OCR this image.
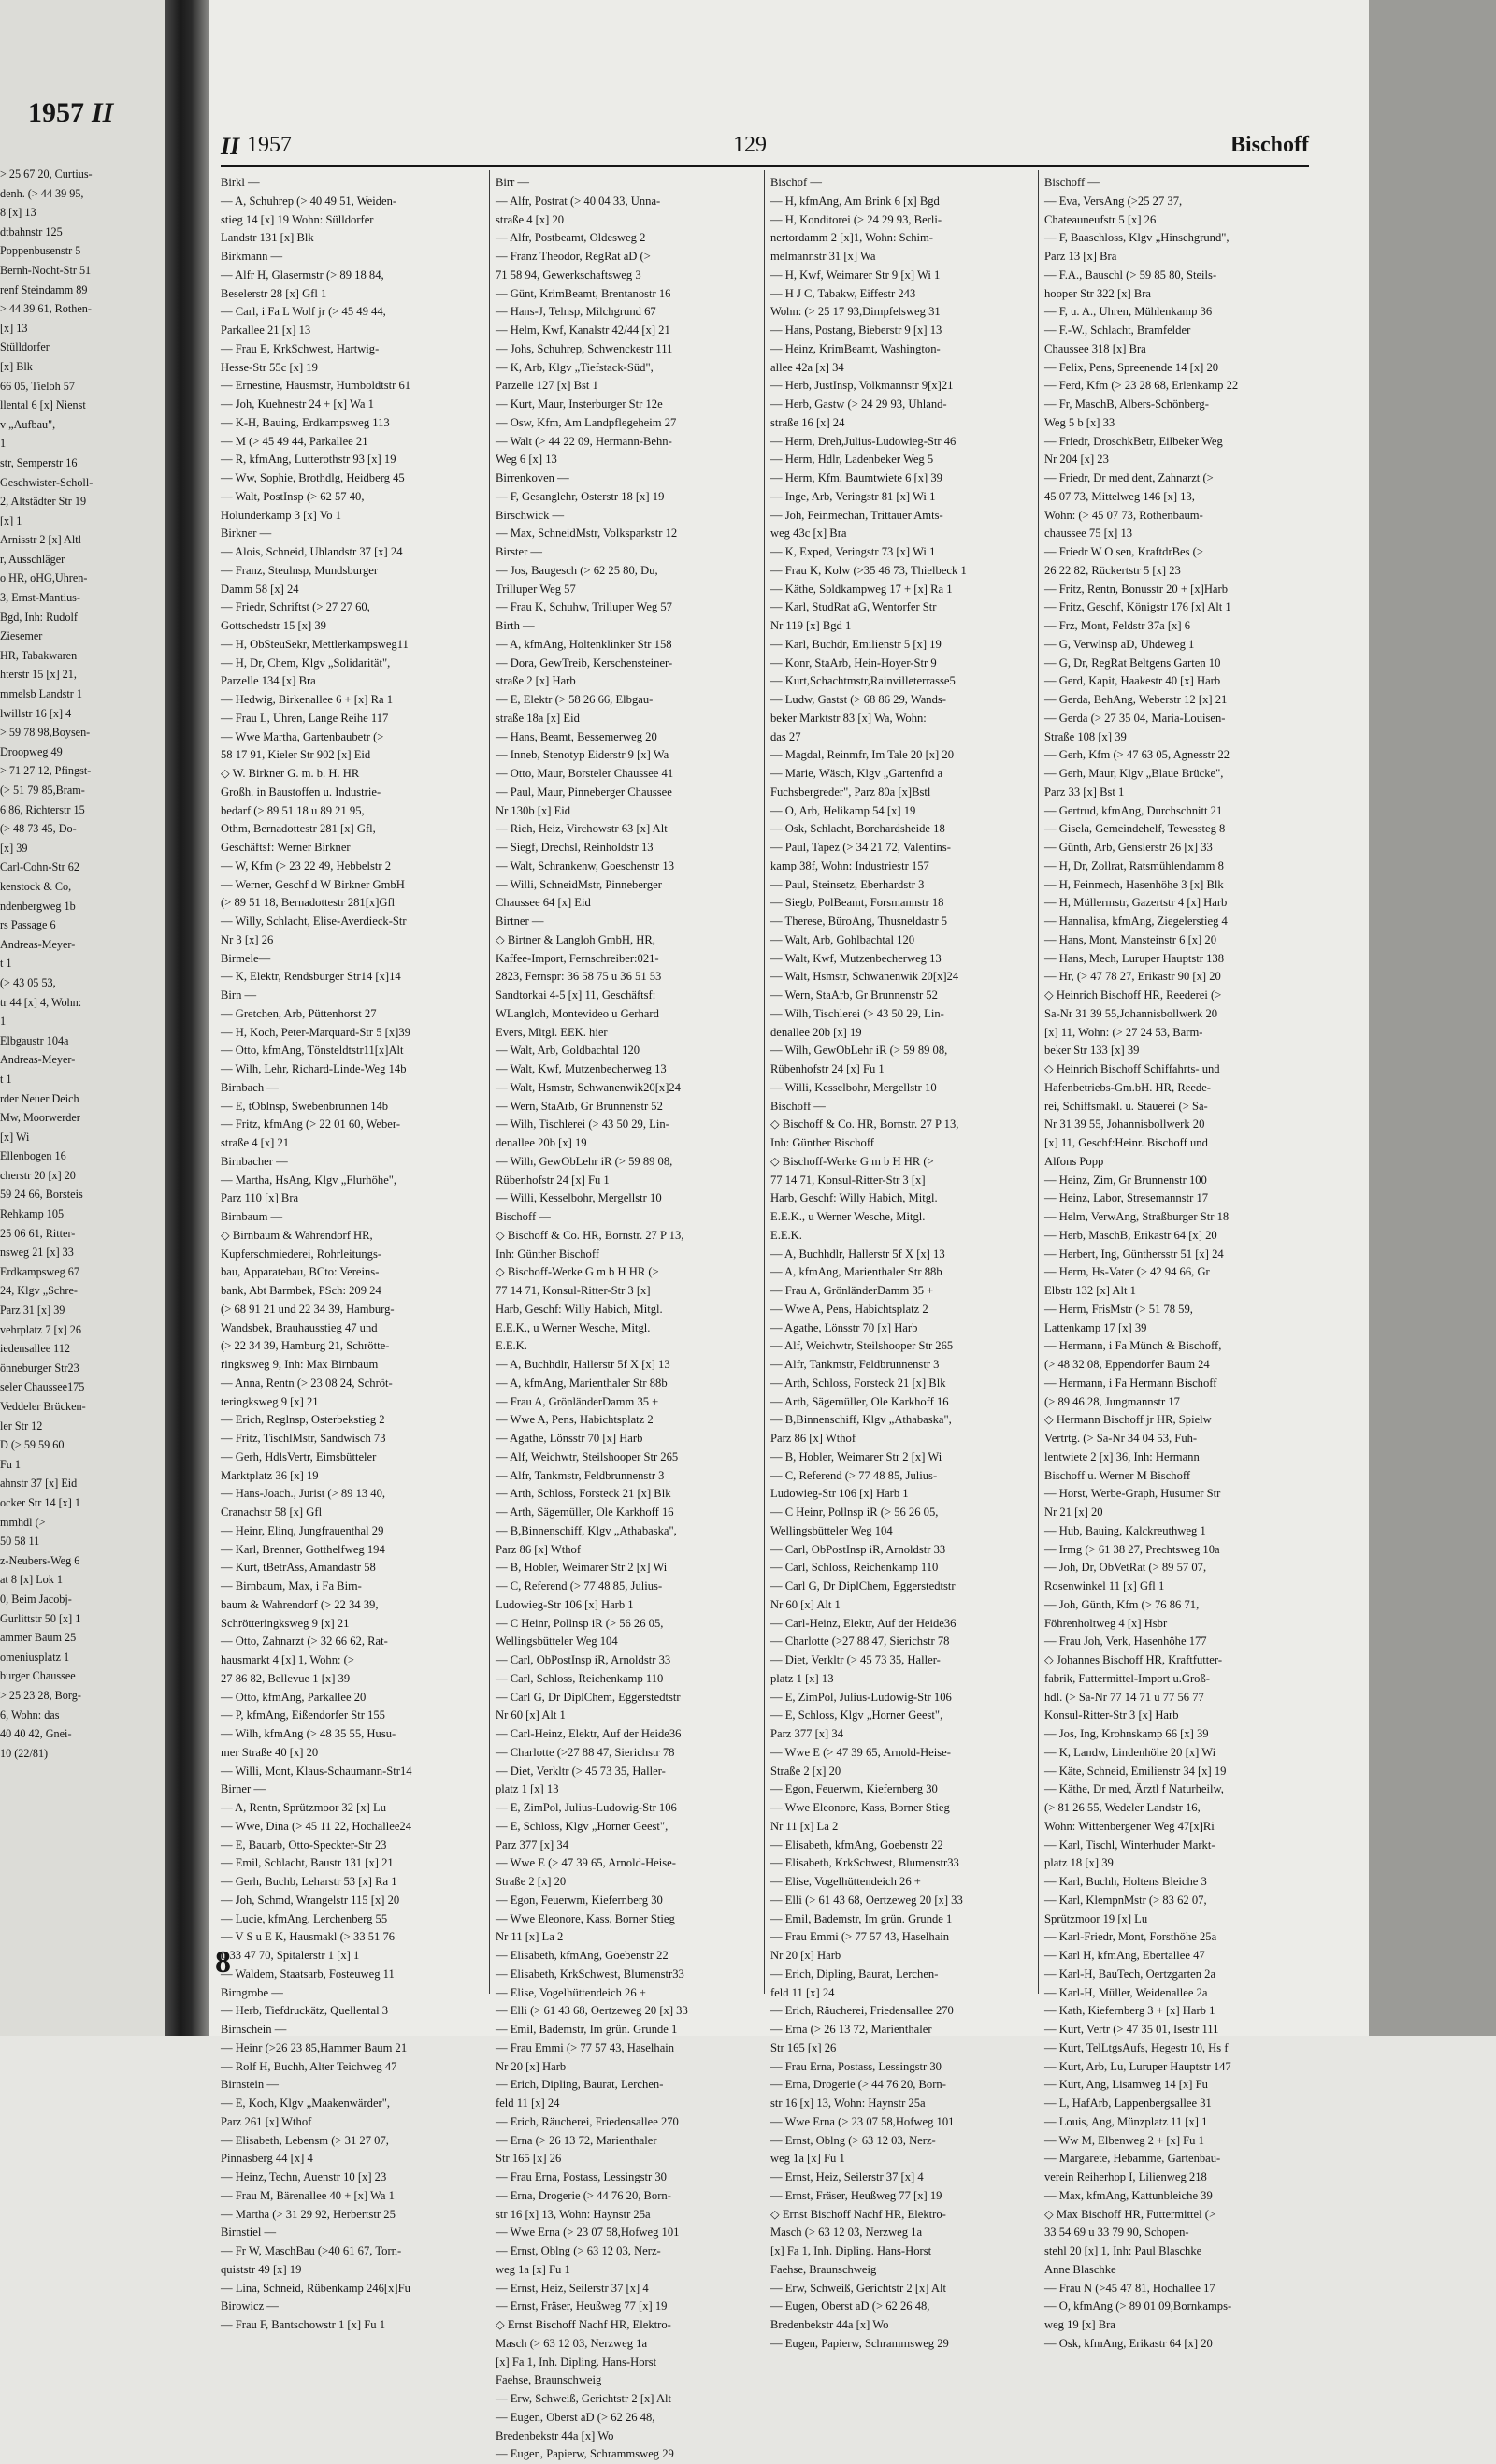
1957 II
> 25 67 20, Curtius-
denh. (> 44 39 95,
8 [x] 13
dtbahnstr 125
Poppenbusenstr 5
Bernh-Nocht-Str 51
renf Steindamm 89
> 44 39 61, Rothen-
[x] 13
Stülldorfer
[x] Blk
66 05, Tieloh 57
llental 6 [x] Nienst
v „Aufbau",
1
str, Semperstr 16
Geschwister-Scholl-
2, Altstädter Str 19
[x] 1
Arnisstr 2 [x] Altl
r, Ausschläger
o HR, oHG,Uhren-
3, Ernst-Mantius-
Bgd, Inh: Rudolf
Ziesemer
HR, Tabakwaren
hterstr 15 [x] 21,
mmelsb Landstr 1
lwillstr 16 [x] 4
> 59 78 98,Boysen-
Droopweg 49
> 71 27 12, Pfingst-
(> 51 79 85,Bram-
6 86, Richterstr 15
(> 48 73 45, Do-
[x] 39
Carl-Cohn-Str 62
kenstock & Co,
ndenbergweg 1b
rs Passage 6
Andreas-Meyer-
t 1
(> 43 05 53,
tr 44 [x] 4, Wohn:
1
Elbgaustr 104a
Andreas-Meyer-
t 1
rder Neuer Deich
Mw, Moorwerder
[x] Wi
Ellenbogen 16
cherstr 20 [x] 20
59 24 66, Borsteis
Rehkamp 105
25 06 61, Ritter-
nsweg 21 [x] 33
Erdkampsweg 67
24, Klgv „Schre-
Parz 31 [x] 39
vehrplatz 7 [x] 26
iedensallee 112
önneburger Str23
seler Chaussee175
Veddeler Brücken-
ler Str 12
D (> 59 59 60
Fu 1
ahnstr 37 [x] Eid
ocker Str 14 [x] 1
mmhdl (>
50 58 11
z-Neubers-Weg 6
at 8 [x] Lok 1
0, Beim Jacobj-
Gurlittstr 50 [x] 1
ammer Baum 25
omeniusplatz 1
burger Chaussee
> 25 23 28, Borg-
6, Wohn: das
40 40 42, Gnei-
10 (22/81)
II 1957	129	Bischoff
Birkl —
— A, Schuhrep (> 40 49 51, Weiden-
stieg 14 [x] 19 Wohn: Sülldorfer
Landstr 131 [x] Blk
Birkmann —
— Alfr H, Glasermstr (> 89 18 84,
Beselerstr 28 [x] Gfl 1
— Carl, i Fa L Wolf jr (> 45 49 44,
Parkallee 21 [x] 13
— Frau E, KrkSchwest, Hartwig-
Hesse-Str 55c [x] 19
— Ernestine, Hausmstr, Humboldtstr 61
— Joh, Kuehnestr 24 + [x] Wa 1
— K-H, Bauing, Erdkampsweg 113
— M (> 45 49 44, Parkallee 21
— R, kfmAng, Lutterothstr 93 [x] 19
— Ww, Sophie, Brothdlg, Heidberg 45
— Walt, PostInsp (> 62 57 40,
Holunderkamp 3 [x] Vo 1
Birkner —
— Alois, Schneid, Uhlandstr 37 [x] 24
— Franz, Steulnsp, Mundsburger
Damm 58 [x] 24
— Friedr, Schriftst (> 27 27 60,
Gottschedstr 15 [x] 39
— H, ObSteuSekr, Mettlerkampsweg11
— H, Dr, Chem, Klgv „Solidarität",
Parzelle 134 [x] Bra
— Hedwig, Birkenallee 6 + [x] Ra 1
— Frau L, Uhren, Lange Reihe 117
— Wwe Martha, Gartenbaubetr (>
58 17 91, Kieler Str 902 [x] Eid
◇ W. Birkner G. m. b. H. HR
Großh. in Baustoffen u. Industrie-
bedarf (> 89 51 18 u 89 21 95,
Othm, Bernadottestr 281 [x] Gfl,
Geschäftsf: Werner Birkner
— W, Kfm (> 23 22 49, Hebbelstr 2
— Werner, Geschf d W Birkner GmbH
(> 89 51 18, Bernadottestr 281[x]Gfl
— Willy, Schlacht, Elise-Averdieck-Str
Nr 3 [x] 26
Birmele—
— K, Elektr, Rendsburger Str14 [x]14
Birn —
— Gretchen, Arb, Püttenhorst 27
— H, Koch, Peter-Marquard-Str 5 [x]39
— Otto, kfmAng, Tönsteldtstr11[x]Alt
— Wilh, Lehr, Richard-Linde-Weg 14b
Birnbach —
— E, tOblnsp, Swebenbrunnen 14b
— Fritz, kfmAng (> 22 01 60, Weber-
straße 4 [x] 21
Birnbacher —
— Martha, HsAng, Klgv „Flurhöhe",
Parz 110 [x] Bra
Birnbaum —
◇ Birnbaum & Wahrendorf HR,
Kupferschmiederei, Rohrleitungs-
bau, Apparatebau, BCto: Vereins-
bank, Abt Barmbek, PSch: 209 24
(> 68 91 21 und 22 34 39, Hamburg-
Wandsbek, Brauhausstieg 47 und
(> 22 34 39, Hamburg 21, Schrötte-
ringksweg 9, Inh: Max Birnbaum
— Anna, Rentn (> 23 08 24, Schröt-
teringksweg 9 [x] 21
— Erich, Reglnsp, Osterbekstieg 2
— Fritz, TischlMstr, Sandwisch 73
— Gerh, HdlsVertr, Eimsbütteler
Marktplatz 36 [x] 19
— Hans-Joach., Jurist (> 89 13 40,
Cranachstr 58 [x] Gfl
— Heinr, Elinq, Jungfrauenthal 29
— Karl, Brenner, Gotthelfweg 194
— Kurt, tBetrAss, Amandastr 58
— Birnbaum, Max, i Fa Birn-
baum & Wahrendorf (> 22 34 39,
Schrötteringksweg 9 [x] 21
— Otto, Zahnarzt (> 32 66 62, Rat-
hausmarkt 4 [x] 1, Wohn: (>
27 86 82, Bellevue 1 [x] 39
— Otto, kfmAng, Parkallee 20
— P, kfmAng, Eißendorfer Str 155
— Wilh, kfmAng (> 48 35 55, Husu-
mer Straße 40 [x] 20
— Willi, Mont, Klaus-Schaumann-Str14
Birner —
— A, Rentn, Sprützmoor 32 [x] Lu
— Wwe, Dina (> 45 11 22, Hochallee24
— E, Bauarb, Otto-Speckter-Str 23
— Emil, Schlacht, Baustr 131 [x] 21
— Gerh, Buchb, Leharstr 53 [x] Ra 1
— Joh, Schmd, Wrangelstr 115 [x] 20
— Lucie, kfmAng, Lerchenberg 55
— V S u E K, Hausmakl (> 33 51 76
u 33 47 70, Spitalerstr 1 [x] 1
— Waldem, Staatsarb, Fosteuweg 11
Birngrobe —
— Herb, Tiefdruckätz, Quellental 3
Birnschein —
— Heinr (>26 23 85,Hammer Baum 21
— Rolf H, Buchh, Alter Teichweg 47
Birnstein —
— E, Koch, Klgv „Maakenwärder",
Parz 261 [x] Wthof
— Elisabeth, Lebensm (> 31 27 07,
Pinnasberg 44 [x] 4
— Heinz, Techn, Auenstr 10 [x] 23
— Frau M, Bärenallee 40 + [x] Wa 1
— Martha (> 31 29 92, Herbertstr 25
Birnstiel —
— Fr W, MaschBau (>40 61 67, Torn-
quiststr 49 [x] 19
— Lina, Schneid, Rübenkamp 246[x]Fu
Birowicz —
— Frau F, Bantschowstr 1 [x] Fu 1
Birr —
— Alfr, Postrat (> 40 04 33, Unna-
straße 4 [x] 20
— Alfr, Postbeamt, Oldesweg 2
— Franz Theodor, RegRat aD (>
71 58 94, Gewerkschaftsweg 3
— Günt, KrimBeamt, Brentanostr 16
— Hans-J, Telnsp, Milchgrund 67
— Helm, Kwf, Kanalstr 42/44 [x] 21
— Johs, Schuhrep, Schwenckestr 111
— K, Arb, Klgv „Tiefstack-Süd",
Parzelle 127 [x] Bst 1
— Kurt, Maur, Insterburger Str 12e
— Osw, Kfm, Am Landpflegeheim 27
— Walt (> 44 22 09, Hermann-Behn-
Weg 6 [x] 13
Birrenkoven —
— F, Gesanglehr, Osterstr 18 [x] 19
Birschwick —
— Max, SchneidMstr, Volksparkstr 12
Birster —
— Jos, Baugesch (> 62 25 80, Du,
Trilluper Weg 57
— Frau K, Schuhw, Trilluper Weg 57
Birth —
— A, kfmAng, Holtenklinker Str 158
— Dora, GewTreib, Kerschensteiner-
straße 2 [x] Harb
— E, Elektr (> 58 26 66, Elbgau-
straße 18a [x] Eid
— Hans, Beamt, Bessemerweg 20
— Inneb, Stenotyp Eiderstr 9 [x] Wa
— Otto, Maur, Borsteler Chaussee 41
— Paul, Maur, Pinneberger Chaussee
Nr 130b [x] Eid
— Rich, Heiz, Virchowstr 63 [x] Alt
— Siegf, Drechsl, Reinholdstr 13
— Walt, Schrankenw, Goeschenstr 13
— Willi, SchneidMstr, Pinneberger
Chaussee 64 [x] Eid
Birtner —
◇ Birtner & Langloh GmbH, HR,
Kaffee-Import, Fernschreiber:021-
2823, Fernspr: 36 58 75 u 36 51 53
Sandtorkai 4-5 [x] 11, Geschäftsf:
WLangloh, Montevideo u Gerhard
Evers, Mitgl. EEK. hier
— Walt, Arb, Goldbachtal 120
— Walt, Kwf, Mutzenbecherweg 13
— Walt, Hsmstr, Schwanenwik20[x]24
— Wern, StaArb, Gr Brunnenstr 52
— Wilh, Tischlerei (> 43 50 29, Lin-
denallee 20b [x] 19
— Wilh, GewObLehr iR (> 59 89 08,
Rübenhofstr 24 [x] Fu 1
— Willi, Kesselbohr, Mergellstr 10
Bischoff —
◇ Bischoff & Co. HR, Bornstr. 27 P 13,
Inh: Günther Bischoff
◇ Bischoff-Werke G m b H HR (>
77 14 71, Konsul-Ritter-Str 3 [x]
Harb, Geschf: Willy Habich, Mitgl.
E.E.K., u Werner Wesche, Mitgl.
E.E.K.
— A, Buchhdlr, Hallerstr 5f X [x] 13
— A, kfmAng, Marienthaler Str 88b
— Frau A, GrönländerDamm 35 +
— Wwe A, Pens, Habichtsplatz 2
— Agathe, Lönsstr 70 [x] Harb
— Alf, Weichwtr, Steilshooper Str 265
— Alfr, Tankmstr, Feldbrunnenstr 3
— Arth, Schloss, Forsteck 21 [x] Blk
— Arth, Sägemüller, Ole Karkhoff 16
— B,Binnenschiff, Klgv „Athabaska",
Parz 86 [x] Wthof
— B, Hobler, Weimarer Str 2 [x] Wi
— C, Referend (> 77 48 85, Julius-
Ludowieg-Str 106 [x] Harb 1
— C Heinr, Pollnsp iR (> 56 26 05,
Wellingsbütteler Weg 104
— Carl, ObPostInsp iR, Arnoldstr 33
— Carl, Schloss, Reichenkamp 110
— Carl G, Dr DiplChem, Eggerstedtstr
Nr 60 [x] Alt 1
— Carl-Heinz, Elektr, Auf der Heide36
— Charlotte (>27 88 47, Sierichstr 78
— Diet, Verkltr (> 45 73 35, Haller-
platz 1 [x] 13
— E, ZimPol, Julius-Ludowig-Str 106
— E, Schloss, Klgv „Horner Geest",
Parz 377 [x] 34
— Wwe E (> 47 39 65, Arnold-Heise-
Straße 2 [x] 20
— Egon, Feuerwm, Kiefernberg 30
— Wwe Eleonore, Kass, Borner Stieg
Nr 11 [x] La 2
— Elisabeth, kfmAng, Goebenstr 22
— Elisabeth, KrkSchwest, Blumenstr33
— Elise, Vogelhüttendeich 26 +
— Elli (> 61 43 68, Oertzeweg 20 [x] 33
— Emil, Bademstr, Im grün. Grunde 1
— Frau Emmi (> 77 57 43, Haselhain
Nr 20 [x] Harb
— Erich, Dipling, Baurat, Lerchen-
feld 11 [x] 24
— Erich, Räucherei, Friedensallee 270
— Erna (> 26 13 72, Marienthaler
Str 165 [x] 26
— Frau Erna, Postass, Lessingstr 30
— Erna, Drogerie (> 44 76 20, Born-
str 16 [x] 13, Wohn: Haynstr 25a
— Wwe Erna (> 23 07 58,Hofweg 101
— Ernst, Oblng (> 63 12 03, Nerz-
weg 1a [x] Fu 1
— Ernst, Heiz, Seilerstr 37 [x] 4
— Ernst, Fräser, Heußweg 77 [x] 19
◇ Ernst Bischoff Nachf HR, Elektro-
Masch (> 63 12 03, Nerzweg 1a
[x] Fa 1, Inh. Dipling. Hans-Horst
Faehse, Braunschweig
— Erw, Schweiß, Gerichtstr 2 [x] Alt
— Eugen, Oberst aD (> 62 26 48,
Bredenbekstr 44a [x] Wo
— Eugen, Papierw, Schrammsweg 29
Bischof —
— H, kfmAng, Am Brink 6 [x] Bgd
— H, Konditorei (> 24 29 93, Berli-
nertordamm 2 [x]1, Wohn: Schim-
melmannstr 31 [x] Wa
— H, Kwf, Weimarer Str 9 [x] Wi 1
— H J C, Tabakw, Eiffestr 243
Wohn: (> 25 17 93,Dimpfelsweg 31
— Hans, Postang, Bieberstr 9 [x] 13
— Heinz, KrimBeamt, Washington-
allee 42a [x] 34
— Herb, JustInsp, Volkmannstr 9[x]21
— Herb, Gastw (> 24 29 93, Uhland-
straße 16 [x] 24
— Herm, Dreh,Julius-Ludowieg-Str 46
— Herm, Hdlr, Ladenbeker Weg 5
— Herm, Kfm, Baumtwiete 6 [x] 39
— Inge, Arb, Veringstr 81 [x] Wi 1
— Joh, Feinmechan, Trittauer Amts-
weg 43c [x] Bra
— K, Exped, Veringstr 73 [x] Wi 1
— Frau K, Kolw (>35 46 73, Thielbeck 1
— Käthe, Soldkampweg 17 + [x] Ra 1
— Karl, StudRat aG, Wentorfer Str
Nr 119 [x] Bgd 1
— Karl, Buchdr, Emilienstr 5 [x] 19
— Konr, StaArb, Hein-Hoyer-Str 9
— Kurt,Schachtmstr,Rainvilleterrasse5
— Ludw, Gastst (> 68 86 29, Wands-
beker Marktstr 83 [x] Wa, Wohn:
das 27
— Magdal, Reinmfr, Im Tale 20 [x] 20
— Marie, Wäsch, Klgv „Gartenfrd a
Fuchsbergreder", Parz 80a [x]Bstl
— O, Arb, Helikamp 54 [x] 19
— Osk, Schlacht, Borchardsheide 18
— Paul, Tapez (> 34 21 72, Valentins-
kamp 38f, Wohn: Industriestr 157
— Paul, Steinsetz, Eberhardstr 3
— Siegb, PolBeamt, Forsmannstr 18
— Therese, BüroAng, Thusneldastr 5
— Walt, Arb, Gohlbachtal 120
— Walt, Kwf, Mutzenbecherweg 13
— Walt, Hsmstr, Schwanenwik 20[x]24
— Wern, StaArb, Gr Brunnenstr 52
— Wilh, Tischlerei (> 43 50 29, Lin-
denallee 20b [x] 19
— Wilh, GewObLehr iR (> 59 89 08,
Rübenhofstr 24 [x] Fu 1
— Willi, Kesselbohr, Mergellstr 10
Bischoff —
◇ Bischoff & Co. HR, Bornstr. 27 P 13,
Inh: Günther Bischoff
◇ Bischoff-Werke G m b H HR (>
77 14 71, Konsul-Ritter-Str 3 [x]
Harb, Geschf: Willy Habich, Mitgl.
E.E.K., u Werner Wesche, Mitgl.
E.E.K.
— A, Buchhdlr, Hallerstr 5f X [x] 13
— A, kfmAng, Marienthaler Str 88b
— Frau A, GrönländerDamm 35 +
— Wwe A, Pens, Habichtsplatz 2
— Agathe, Lönsstr 70 [x] Harb
— Alf, Weichwtr, Steilshooper Str 265
— Alfr, Tankmstr, Feldbrunnenstr 3
— Arth, Schloss, Forsteck 21 [x] Blk
— Arth, Sägemüller, Ole Karkhoff 16
— B,Binnenschiff, Klgv „Athabaska",
Parz 86 [x] Wthof
— B, Hobler, Weimarer Str 2 [x] Wi
— C, Referend (> 77 48 85, Julius-
Ludowieg-Str 106 [x] Harb 1
— C Heinr, Pollnsp iR (> 56 26 05,
Wellingsbütteler Weg 104
— Carl, ObPostInsp iR, Arnoldstr 33
— Carl, Schloss, Reichenkamp 110
— Carl G, Dr DiplChem, Eggerstedtstr
Nr 60 [x] Alt 1
— Carl-Heinz, Elektr, Auf der Heide36
— Charlotte (>27 88 47, Sierichstr 78
— Diet, Verkltr (> 45 73 35, Haller-
platz 1 [x] 13
— E, ZimPol, Julius-Ludowig-Str 106
— E, Schloss, Klgv „Horner Geest",
Parz 377 [x] 34
— Wwe E (> 47 39 65, Arnold-Heise-
Straße 2 [x] 20
— Egon, Feuerwm, Kiefernberg 30
— Wwe Eleonore, Kass, Borner Stieg
Nr 11 [x] La 2
— Elisabeth, kfmAng, Goebenstr 22
— Elisabeth, KrkSchwest, Blumenstr33
— Elise, Vogelhüttendeich 26 +
— Elli (> 61 43 68, Oertzeweg 20 [x] 33
— Emil, Bademstr, Im grün. Grunde 1
— Frau Emmi (> 77 57 43, Haselhain
Nr 20 [x] Harb
— Erich, Dipling, Baurat, Lerchen-
feld 11 [x] 24
— Erich, Räucherei, Friedensallee 270
— Erna (> 26 13 72, Marienthaler
Str 165 [x] 26
— Frau Erna, Postass, Lessingstr 30
— Erna, Drogerie (> 44 76 20, Born-
str 16 [x] 13, Wohn: Haynstr 25a
— Wwe Erna (> 23 07 58,Hofweg 101
— Ernst, Oblng (> 63 12 03, Nerz-
weg 1a [x] Fu 1
— Ernst, Heiz, Seilerstr 37 [x] 4
— Ernst, Fräser, Heußweg 77 [x] 19
◇ Ernst Bischoff Nachf HR, Elektro-
Masch (> 63 12 03, Nerzweg 1a
[x] Fa 1, Inh. Dipling. Hans-Horst
Faehse, Braunschweig
— Erw, Schweiß, Gerichtstr 2 [x] Alt
— Eugen, Oberst aD (> 62 26 48,
Bredenbekstr 44a [x] Wo
— Eugen, Papierw, Schrammsweg 29
Bischoff —
— Eva, VersAng (>25 27 37,
Chateauneufstr 5 [x] 26
— F, Baaschloss, Klgv „Hinschgrund",
Parz 13 [x] Bra
— F.A., Bauschl (> 59 85 80, Steils-
hooper Str 322 [x] Bra
— F, u. A., Uhren, Mühlenkamp 36
— F.-W., Schlacht, Bramfelder
Chaussee 318 [x] Bra
— Felix, Pens, Spreenende 14 [x] 20
— Ferd, Kfm (> 23 28 68, Erlenkamp 22
— Fr, MaschB, Albers-Schönberg-
Weg 5 b [x] 33
— Friedr, DroschkBetr, Eilbeker Weg
Nr 204 [x] 23
— Friedr, Dr med dent, Zahnarzt (>
45 07 73, Mittelweg 146 [x] 13,
Wohn: (> 45 07 73, Rothenbaum-
chaussee 75 [x] 13
— Friedr W O sen, KraftdrBes (>
26 22 82, Rückertstr 5 [x] 23
— Fritz, Rentn, Bonusstr 20 + [x]Harb
— Fritz, Geschf, Königstr 176 [x] Alt 1
— Frz, Mont, Feldstr 37a [x] 6
— G, Verwlnsp aD, Uhdeweg 1
— G, Dr, RegRat Beltgens Garten 10
— Gerd, Kapit, Haakestr 40 [x] Harb
— Gerda, BehAng, Weberstr 12 [x] 21
— Gerda (> 27 35 04, Maria-Louisen-
Straße 108 [x] 39
— Gerh, Kfm (> 47 63 05, Agnesstr 22
— Gerh, Maur, Klgv „Blaue Brücke",
Parz 33 [x] Bst 1
— Gertrud, kfmAng, Durchschnitt 21
— Gisela, Gemeindehelf, Tewessteg 8
— Günth, Arb, Genslerstr 26 [x] 33
— H, Dr, Zollrat, Ratsmühlendamm 8
— H, Feinmech, Hasenhöhe 3 [x] Blk
— H, Müllermstr, Gazertstr 4 [x] Harb
— Hannalisa, kfmAng, Ziegelerstieg 4
— Hans, Mont, Mansteinstr 6 [x] 20
— Hans, Mech, Luruper Hauptstr 138
— Hr, (> 47 78 27, Erikastr 90 [x] 20
◇ Heinrich Bischoff HR, Reederei (>
Sa-Nr 31 39 55,Johannisbollwerk 20
[x] 11, Wohn: (> 27 24 53, Barm-
beker Str 133 [x] 39
◇ Heinrich Bischoff Schiffahrts- und
Hafenbetriebs-Gm.bH. HR, Reede-
rei, Schiffsmakl. u. Stauerei (> Sa-
Nr 31 39 55, Johannisbollwerk 20
[x] 11, Geschf:Heinr. Bischoff und
Alfons Popp
— Heinz, Zim, Gr Brunnenstr 100
— Heinz, Labor, Stresemannstr 17
— Helm, VerwAng, Straßburger Str 18
— Herb, MaschB, Erikastr 64 [x] 20
— Herbert, Ing, Günthersstr 51 [x] 24
— Herm, Hs-Vater (> 42 94 66, Gr
Elbstr 132 [x] Alt 1
— Herm, FrisMstr (> 51 78 59,
Lattenkamp 17 [x] 39
— Hermann, i Fa Münch & Bischoff,
(> 48 32 08, Eppendorfer Baum 24
— Hermann, i Fa Hermann Bischoff
(> 89 46 28, Jungmannstr 17
◇ Hermann Bischoff jr HR, Spielw
Vertrtg. (> Sa-Nr 34 04 53, Fuh-
lentwiete 2 [x] 36, Inh: Hermann
Bischoff u. Werner M Bischoff
— Horst, Werbe-Graph, Husumer Str
Nr 21 [x] 20
— Hub, Bauing, Kalckreuthweg 1
— Irmg (> 61 38 27, Prechtsweg 10a
— Joh, Dr, ObVetRat (> 89 57 07,
Rosenwinkel 11 [x] Gfl 1
— Joh, Günth, Kfm (> 76 86 71,
Föhrenholtweg 4 [x] Hsbr
— Frau Joh, Verk, Hasenhöhe 177
◇ Johannes Bischoff HR, Kraftfutter-
fabrik, Futtermittel-Import u.Groß-
hdl. (> Sa-Nr 77 14 71 u 77 56 77
Konsul-Ritter-Str 3 [x] Harb
— Jos, Ing, Krohnskamp 66 [x] 39
— K, Landw, Lindenhöhe 20 [x] Wi
— Käte, Schneid, Emilienstr 34 [x] 19
— Käthe, Dr med, Ärztl f Naturheilw,
(> 81 26 55, Wedeler Landstr 16,
Wohn: Wittenbergener Weg 47[x]Ri
— Karl, Tischl, Winterhuder Markt-
platz 18 [x] 39
— Karl, Buchh, Holtens Bleiche 3
— Karl, KlempnMstr (> 83 62 07,
Sprützmoor 19 [x] Lu
— Karl-Friedr, Mont, Forsthöhe 25a
— Karl H, kfmAng, Ebertallee 47
— Karl-H, BauTech, Oertzgarten 2a
— Karl-H, Müller, Weidenallee 2a
— Kath, Kiefernberg 3 + [x] Harb 1
— Kurt, Vertr (> 47 35 01, Isestr 111
— Kurt, TelLtgsAufs, Hegestr 10, Hs f
— Kurt, Arb, Lu, Luruper Hauptstr 147
— Kurt, Ang, Lisamweg 14 [x] Fu
— L, HafArb, Lappenbergsallee 31
— Louis, Ang, Münzplatz 11 [x] 1
— Ww M, Elbenweg 2 + [x] Fu 1
— Margarete, Hebamme, Gartenbau-
verein Reiherhop I, Lilienweg 218
— Max, kfmAng, Kattunbleiche 39
◇ Max Bischoff HR, Futtermittel (>
33 54 69 u 33 79 90, Schopen-
stehl 20 [x] 1, Inh: Paul Blaschke
Anne Blaschke
— Frau N (>45 47 81, Hochallee 17
— O, kfmAng (> 89 01 09,Bornkamps-
weg 19 [x] Bra
— Osk, kfmAng, Erikastr 64 [x] 20
8
